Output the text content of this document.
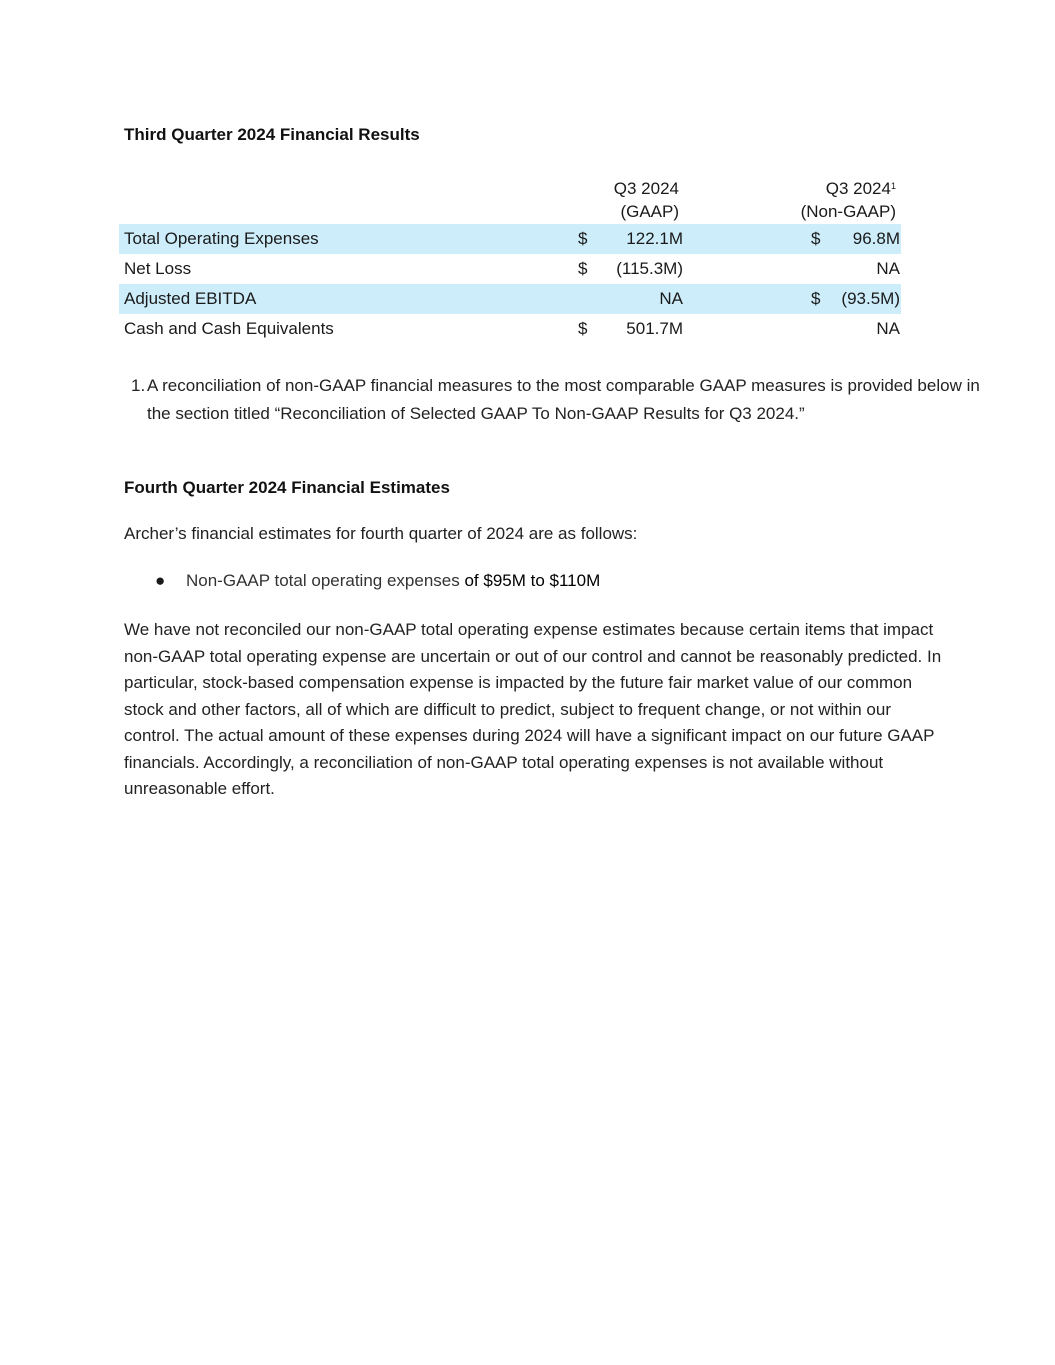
Third Quarter 2024 Financial Results
Q3 2024
(GAAP)
Q3 2024$^1$
(Non-GAAP)
Total Operating Expenses	$ 122.1M	$ 96.8M
Net Loss	$ (115.3M)	NA
Adjusted EBITDA	NA	$ (93.5M)
Cash and Cash Equivalents	$ 501.7M	NA
1. A reconciliation of non-GAAP financial measures to the most comparable GAAP measures is provided below in the section titled “Reconciliation of Selected GAAP To Non-GAAP Results for Q3 2024.”
Fourth Quarter 2024 Financial Estimates
Archer’s financial estimates for fourth quarter of 2024 are as follows:
● Non-GAAP total operating expenses of $95M to $110M
We have not reconciled our non-GAAP total operating expense estimates because certain items that impact non-GAAP total operating expense are uncertain or out of our control and cannot be reasonably predicted. In particular, stock-based compensation expense is impacted by the future fair market value of our common stock and other factors, all of which are difficult to predict, subject to frequent change, or not within our control. The actual amount of these expenses during 2024 will have a significant impact on our future GAAP financials. Accordingly, a reconciliation of non-GAAP total operating expenses is not available without unreasonable effort.
